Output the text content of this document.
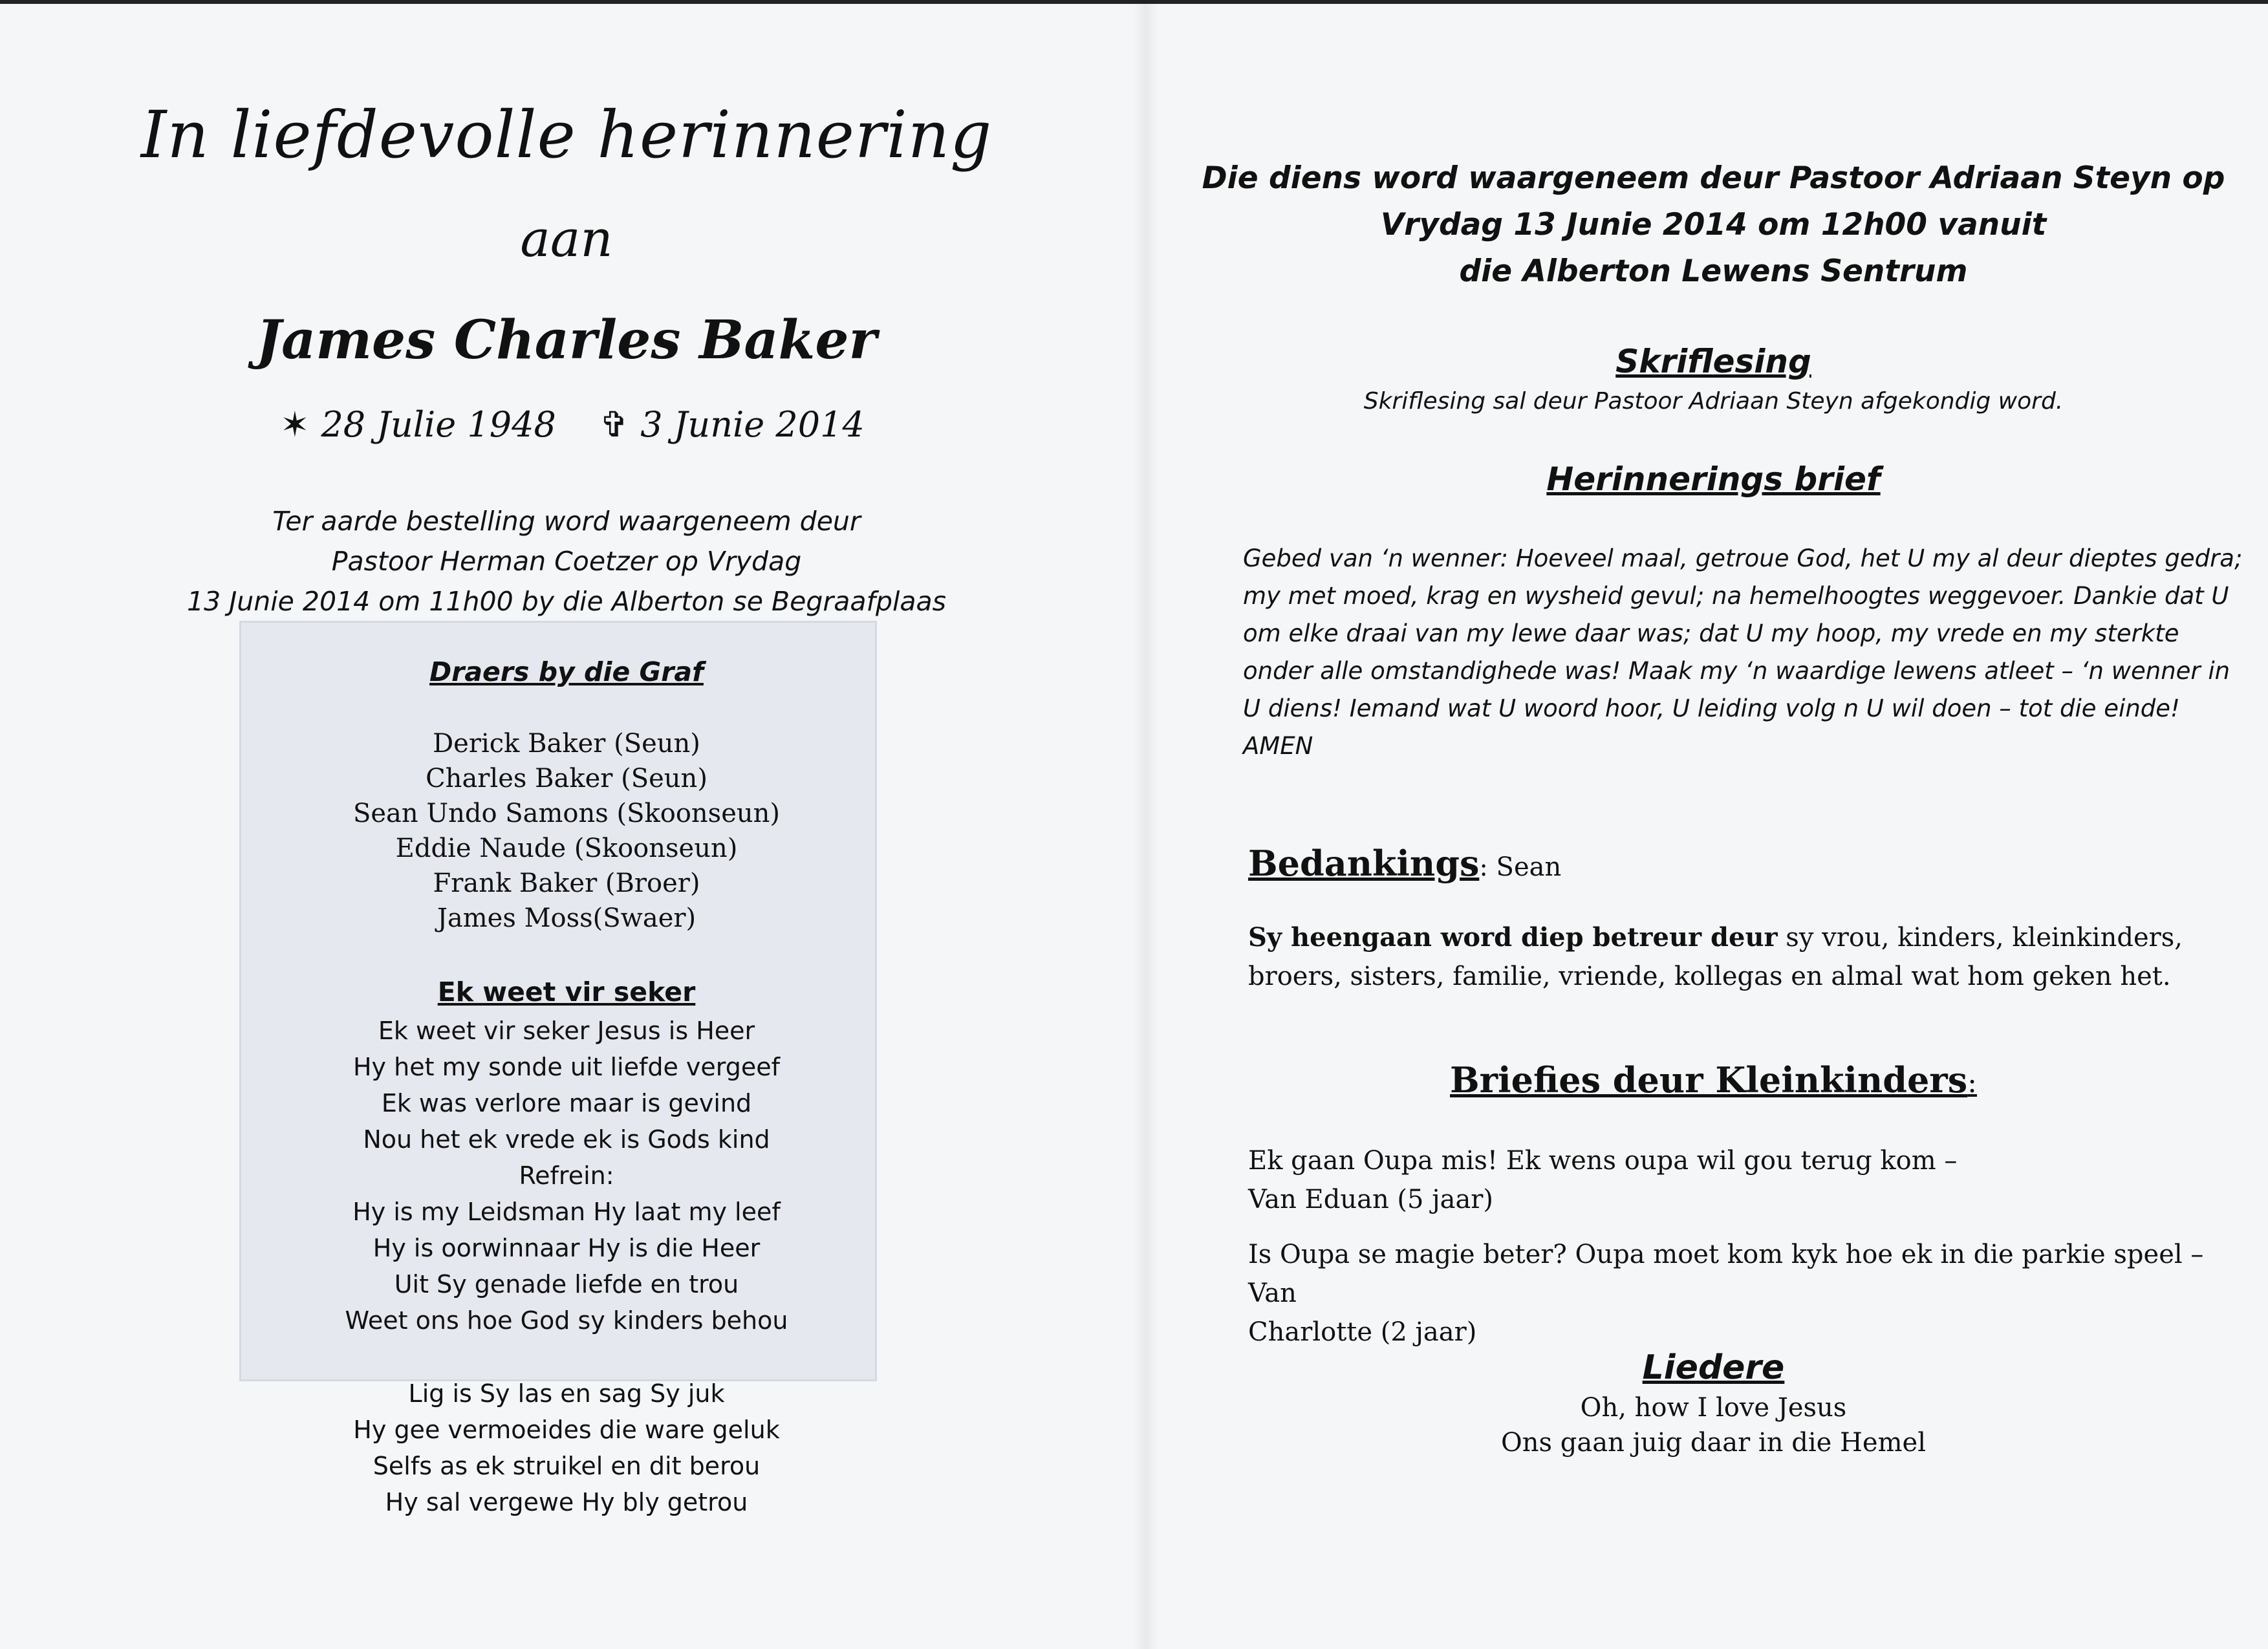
In liefdevolle herinnering
aan
James Charles Baker
✶ 28 Julie 1948 ✞ 3 Junie 2014
Ter aarde bestelling word waargeneem deur
Pastoor Herman Coetzer op Vrydag
13 Junie 2014 om 11h00 by die Alberton se Begraafplaas
Draers by die Graf
Derick Baker (Seun)
Charles Baker (Seun)
Sean Undo Samons (Skoonseun)
Eddie Naude (Skoonseun)
Frank Baker (Broer)
James Moss(Swaer)
Ek weet vir seker
Ek weet vir seker Jesus is Heer
Hy het my sonde uit liefde vergeef
Ek was verlore maar is gevind
Nou het ek vrede ek is Gods kind
Refrein:
Hy is my Leidsman Hy laat my leef
Hy is oorwinnaar Hy is die Heer
Uit Sy genade liefde en trou
Weet ons hoe God sy kinders behou
Lig is Sy las en sag Sy juk
Hy gee vermoeides die ware geluk
Selfs as ek struikel en dit berou
Hy sal vergewe Hy bly getrou
Die diens word waargeneem deur Pastoor Adriaan Steyn op
Vrydag 13 Junie 2014 om 12h00 vanuit
die Alberton Lewens Sentrum
Skriflesing
Skriflesing sal deur Pastoor Adriaan Steyn afgekondig word.
Herinnerings brief
Gebed van ‘n wenner: Hoeveel maal, getroue God, het U my al deur dieptes gedra; my met moed, krag en wysheid gevul; na hemelhoogtes weggevoer. Dankie dat U om elke draai van my lewe daar was; dat U my hoop, my vrede en my sterkte onder alle omstandighede was! Maak my ‘n waardige lewens atleet – ‘n wenner in U diens! Iemand wat U woord hoor, U leiding volg n U wil doen – tot die einde! AMEN
Bedankings: Sean
Sy heengaan word diep betreur deur sy vrou, kinders, kleinkinders, broers, sisters, familie, vriende, kollegas en almal wat hom geken het.
Briefies deur Kleinkinders:
Ek gaan Oupa mis! Ek wens oupa wil gou terug kom –
Van Eduan (5 jaar)
Is Oupa se magie beter? Oupa moet kom kyk hoe ek in die parkie speel – Van
Charlotte (2 jaar)
Liedere
Oh, how I love Jesus
Ons gaan juig daar in die Hemel
